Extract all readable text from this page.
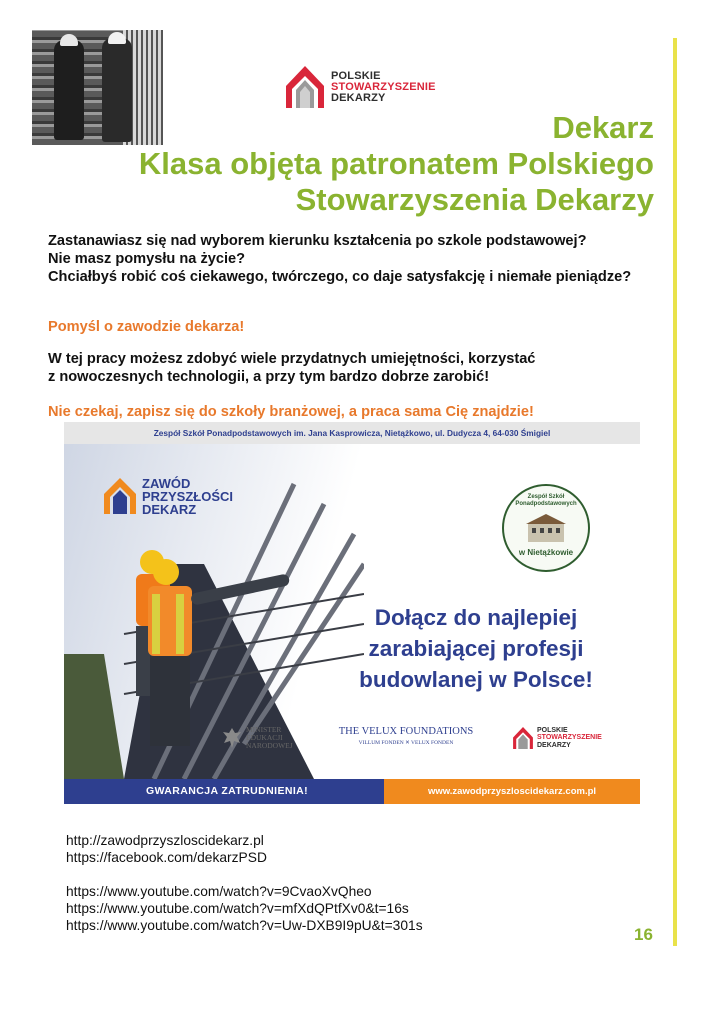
POLSKIE
STOWARZYSZENIE
DEKARZY
Dekarz
Klasa objęta patronatem Polskiego
Stowarzyszenia Dekarzy
Zastanawiasz się nad wyborem kierunku kształcenia po szkole podstawowej?
Nie masz pomysłu na życie?
Chciałbyś robić coś ciekawego, twórczego, co daje satysfakcję i niemałe pieniądze?
Pomyśl o zawodzie dekarza!
W tej pracy możesz zdobyć wiele przydatnych umiejętności, korzystać
z nowoczesnych technologii, a przy tym bardzo dobrze zarobić!
Nie czekaj, zapisz się do szkoły branżowej, a praca sama Cię znajdzie!
Zespół Szkół Ponadpodstawowych im. Jana Kasprowicza, Nietążkowo, ul. Dudycza 4, 64-030 Śmigiel
ZAWÓD
PRZYSZŁOŚCI
DEKARZ
Zespół Szkół Ponadpodstawowych
w Nietążkowie
Dołącz do najlepiej
zarabiającej profesji
budowlanej w Polsce!
MINISTER
EDUKACJI
NARODOWEJ
THE VELUX FOUNDATIONS
VILLUM FONDEN ✕ VELUX FONDEN
POLSKIE
STOWARZYSZENIE
DEKARZY
GWARANCJA ZATRUDNIENIA!	www.zawodprzyszloscidekarz.com.pl
http://zawodprzyszloscidekarz.pl
https://facebook.com/dekarzPSD
https://www.youtube.com/watch?v=9CvaoXvQheo
https://www.youtube.com/watch?v=mfXdQPtfXv0&t=16s
https://www.youtube.com/watch?v=Uw-DXB9I9pU&t=301s	16
